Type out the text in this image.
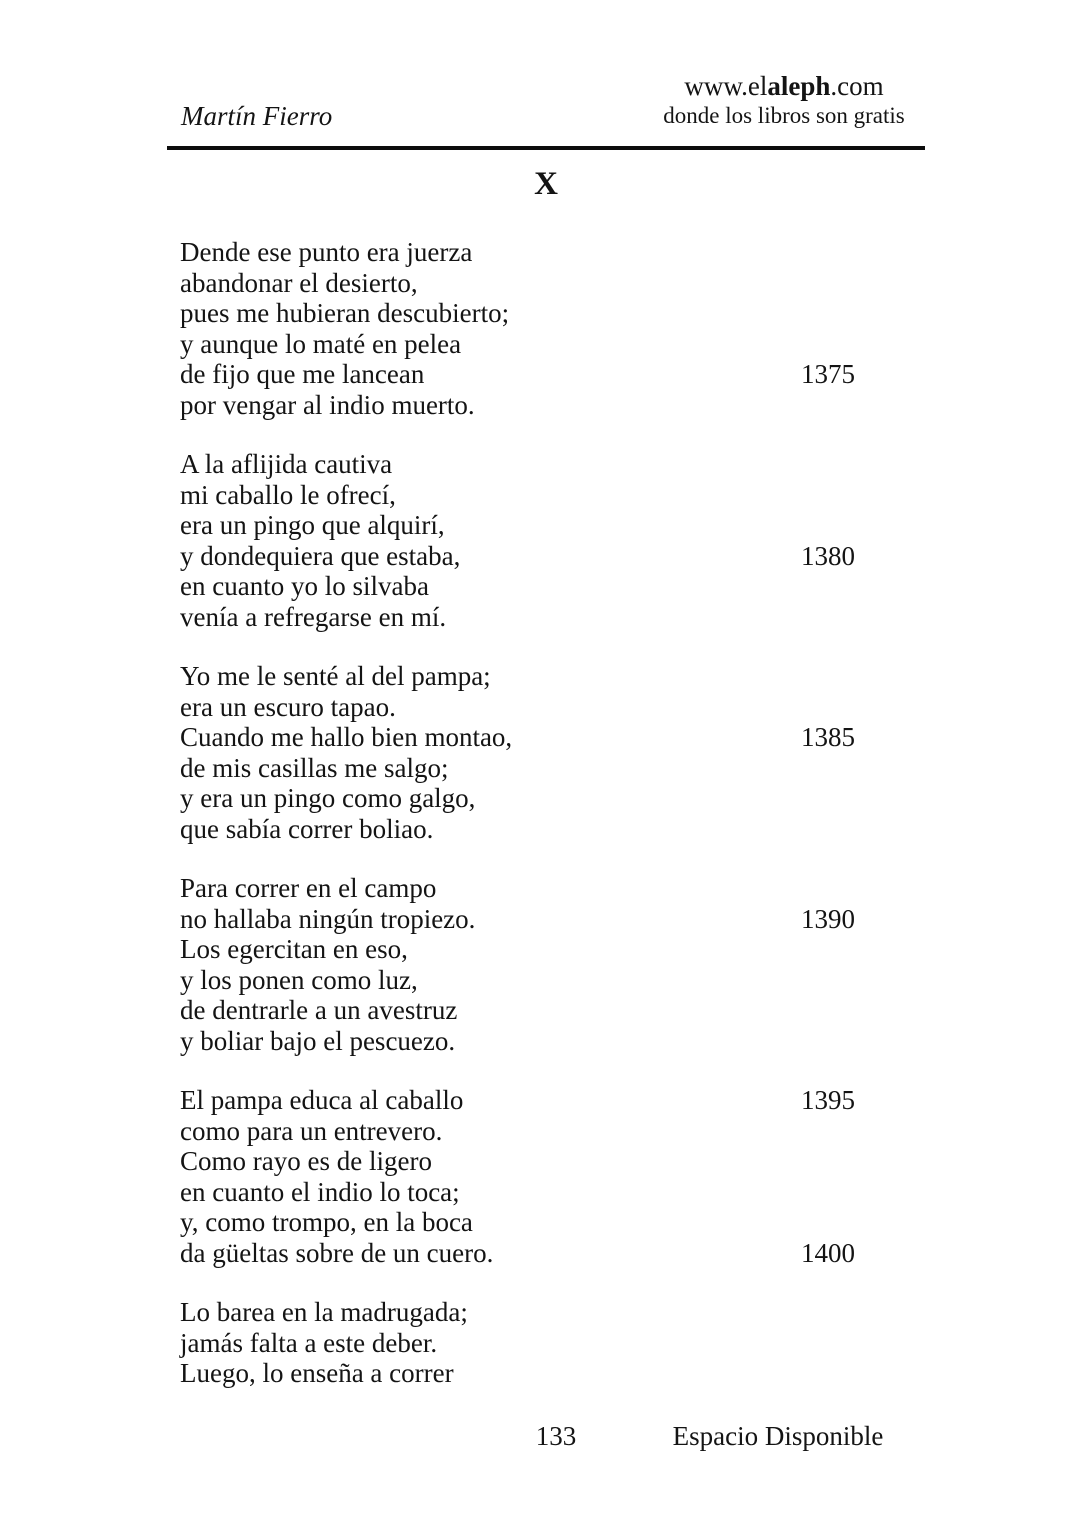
Martín Fierro
www.elaleph.com
donde los libros son gratis
X
Dende ese punto era juerza
abandonar el desierto,
pues me hubieran descubierto;
y aunque lo maté en pelea
de fijo que me lancean	1375
por vengar al indio muerto.
A la aflijida cautiva
mi caballo le ofrecí,
era un pingo que alquirí,
y dondequiera que estaba,	1380
en cuanto yo lo silvaba
venía a refregarse en mí.
Yo me le senté al del pampa;
era un escuro tapao.
Cuando me hallo bien montao,	1385
de mis casillas me salgo;
y era un pingo como galgo,
que sabía correr boliao.
Para correr en el campo
no hallaba ningún tropiezo.	1390
Los egercitan en eso,
y los ponen como luz,
de dentrarle a un avestruz
y boliar bajo el pescuezo.
El pampa educa al caballo	1395
como para un entrevero.
Como rayo es de ligero
en cuanto el indio lo toca;
y, como trompo, en la boca
da güeltas sobre de un cuero.	1400
Lo barea en la madrugada;
jamás falta a este deber.
Luego, lo enseña a correr
133	Espacio Disponible
